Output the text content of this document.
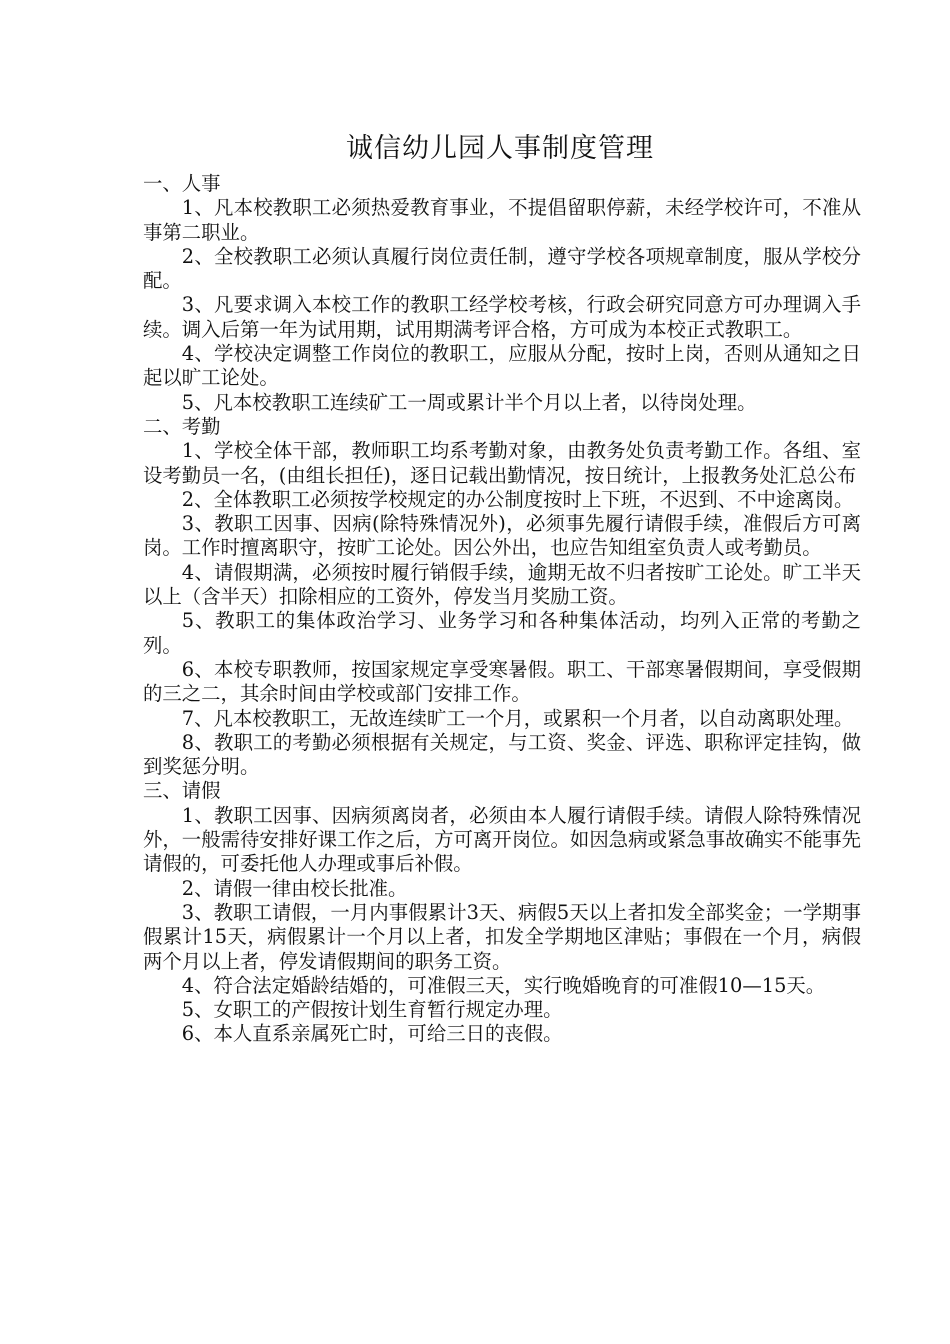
诚信幼儿园人事制度管理

一、人事

1、凡本校教职工必须热爱教育事业，不提倡留职停薪，未经学校许可，不准从事第二职业。

2、全校教职工必须认真履行岗位责任制，遵守学校各项规章制度，服从学校分配。

3、凡要求调入本校工作的教职工经学校考核，行政会研究同意方可办理调入手续。调入后第一年为试用期，试用期满考评合格，方可成为本校正式教职工。

4、学校决定调整工作岗位的教职工，应服从分配，按时上岗，否则从通知之日起以旷工论处。

5、凡本校教职工连续矿工一周或累计半个月以上者，以待岗处理。

二、考勤

1、学校全体干部，教师职工均系考勤对象，由教务处负责考勤工作。各组、室设考勤员一名，(由组长担任)，逐日记载出勤情况，按日统计，上报教务处汇总公布

2、全体教职工必须按学校规定的办公制度按时上下班，不迟到、不中途离岗。

3、教职工因事、因病(除特殊情况外)，必须事先履行请假手续，准假后方可离岗。工作时擅离职守，按旷工论处。因公外出，也应告知组室负责人或考勤员。

4、请假期满，必须按时履行销假手续，逾期无故不归者按旷工论处。旷工半天以上（含半天）扣除相应的工资外，停发当月奖励工资。

5、教职工的集体政治学习、业务学习和各种集体活动，均列入正常的考勤之列。

6、本校专职教师，按国家规定享受寒暑假。职工、干部寒暑假期间，享受假期的三之二，其余时间由学校或部门安排工作。

7、凡本校教职工，无故连续旷工一个月，或累积一个月者，以自动离职处理。

8、教职工的考勤必须根据有关规定，与工资、奖金、评选、职称评定挂钩，做到奖惩分明。

三、请假

1、教职工因事、因病须离岗者，必须由本人履行请假手续。请假人除特殊情况外，一般需待安排好课工作之后，方可离开岗位。如因急病或紧急事故确实不能事先请假的，可委托他人办理或事后补假。

2、请假一律由校长批准。

3、教职工请假，一月内事假累计3天、病假5天以上者扣发全部奖金；一学期事假累计15天，病假累计一个月以上者，扣发全学期地区津贴；事假在一个月，病假两个月以上者，停发请假期间的职务工资。

4、符合法定婚龄结婚的，可准假三天，实行晚婚晚育的可准假10—15天。

5、女职工的产假按计划生育暂行规定办理。

6、本人直系亲属死亡时，可给三日的丧假。
